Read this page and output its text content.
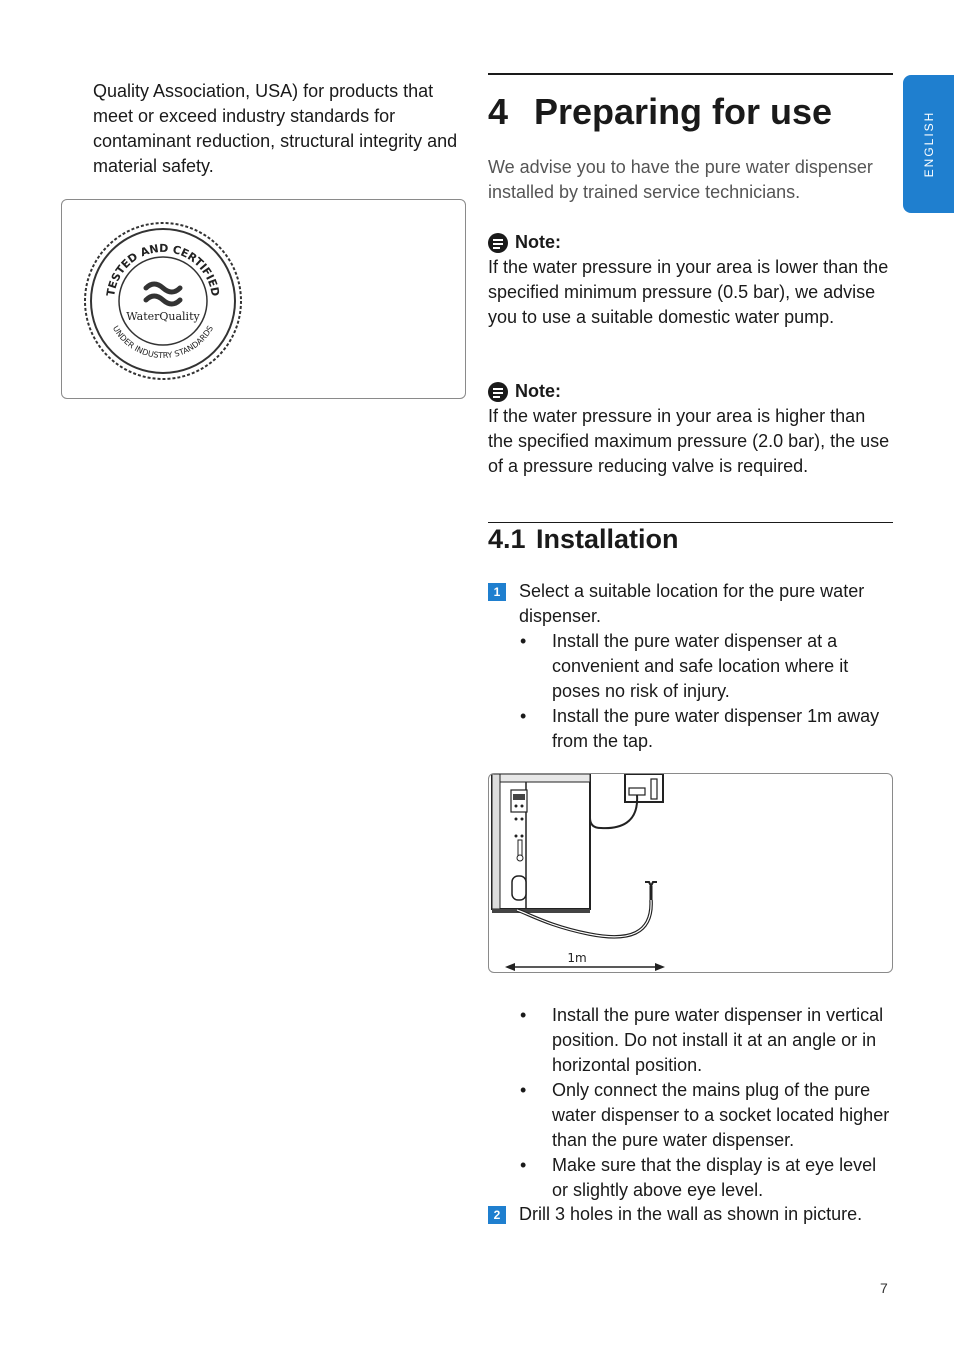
Quality Association, USA) for products that meet or exceed industry standards for contaminant reduction, structural integrity and material safety.
TESTED AND CERTIFIED
UNDER INDUSTRY STANDARDS
WaterQuality
ENGLISH
4 Preparing for use
We advise you to have the pure water dispenser installed by trained service technicians.
Note:
If the water pressure in your area is lower than the specified minimum pressure (0.5 bar), we advise you to use a suitable domestic water pump.
Note:
If the water pressure in your area is higher than the specified maximum pressure (2.0 bar), the use of a pressure reducing valve is required.
4.1 Installation
1	Select a suitable location for the pure water dispenser.
•	Install the pure water dispenser at a convenient and safe location where it poses no risk of injury.
•	Install the pure water dispenser 1m away from the tap.
1m
•	Install the pure water dispenser in vertical position. Do not install it at an angle or in horizontal position.
•	Only connect the mains plug of the pure water dispenser to a socket located higher than the pure water dispenser.
•	Make sure that the display is at eye level or slightly above eye level.
2	Drill 3 holes in the wall as shown in picture.
7
